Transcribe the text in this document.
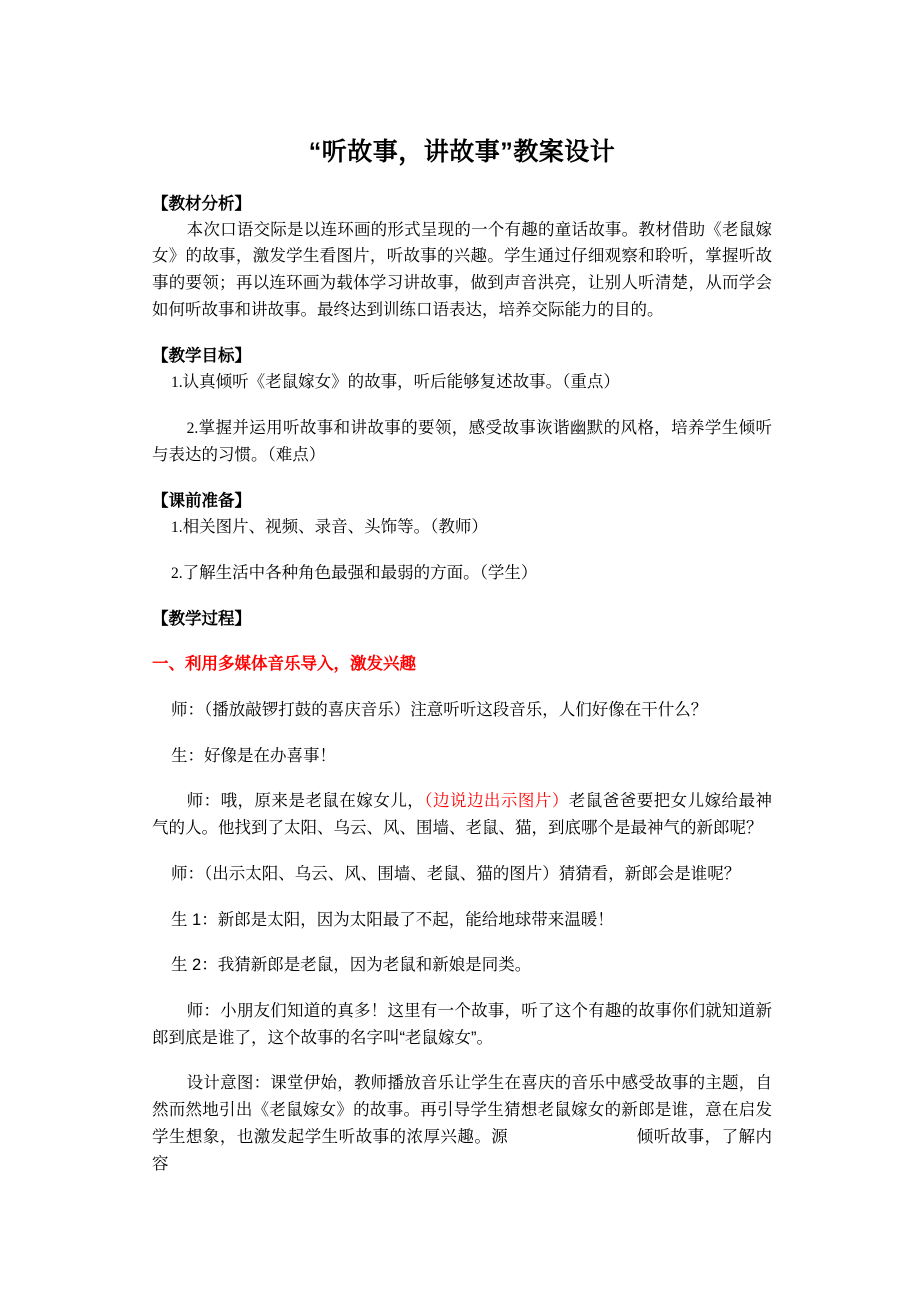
“听故事，讲故事”教案设计

【教材分析】

本次口语交际是以连环画的形式呈现的一个有趣的童话故事。教材借助《老鼠嫁女》的故事，激发学生看图片，听故事的兴趣。学生通过仔细观察和聆听，掌握听故事的要领；再以连环画为载体学习讲故事，做到声音洪亮，让别人听清楚，从而学会如何听故事和讲故事。最终达到训练口语表达，培养交际能力的目的。

【教学目标】

1.认真倾听《老鼠嫁女》的故事，听后能够复述故事。（重点）

2.掌握并运用听故事和讲故事的要领，感受故事诙谐幽默的风格，培养学生倾听与表达的习惯。（难点）

【课前准备】

1.相关图片、视频、录音、头饰等。（教师）

2.了解生活中各种角色最强和最弱的方面。（学生）

【教学过程】

一、利用多媒体音乐导入，激发兴趣

师：（播放敲锣打鼓的喜庆音乐）注意听听这段音乐，人们好像在干什么？

生：好像是在办喜事！

师：哦，原来是老鼠在嫁女儿，（边说边出示图片）老鼠爸爸要把女儿嫁给最神气的人。他找到了太阳、乌云、风、围墙、老鼠、猫，到底哪个是最神气的新郎呢？

师：（出示太阳、乌云、风、围墙、老鼠、猫的图片）猜猜看，新郎会是谁呢？

生 1：新郎是太阳，因为太阳最了不起，能给地球带来温暖！

生 2：我猜新郎是老鼠，因为老鼠和新娘是同类。

师：小朋友们知道的真多！这里有一个故事，听了这个有趣的故事你们就知道新郎到底是谁了，这个故事的名字叫“老鼠嫁女”。

设计意图：课堂伊始，教师播放音乐让学生在喜庆的音乐中感受故事的主题，自然而然地引出《老鼠嫁女》的故事。再引导学生猜想老鼠嫁女的新郎是谁，意在启发学生想象，也激发起学生听故事的浓厚兴趣。源	倾听故事，了解内容
